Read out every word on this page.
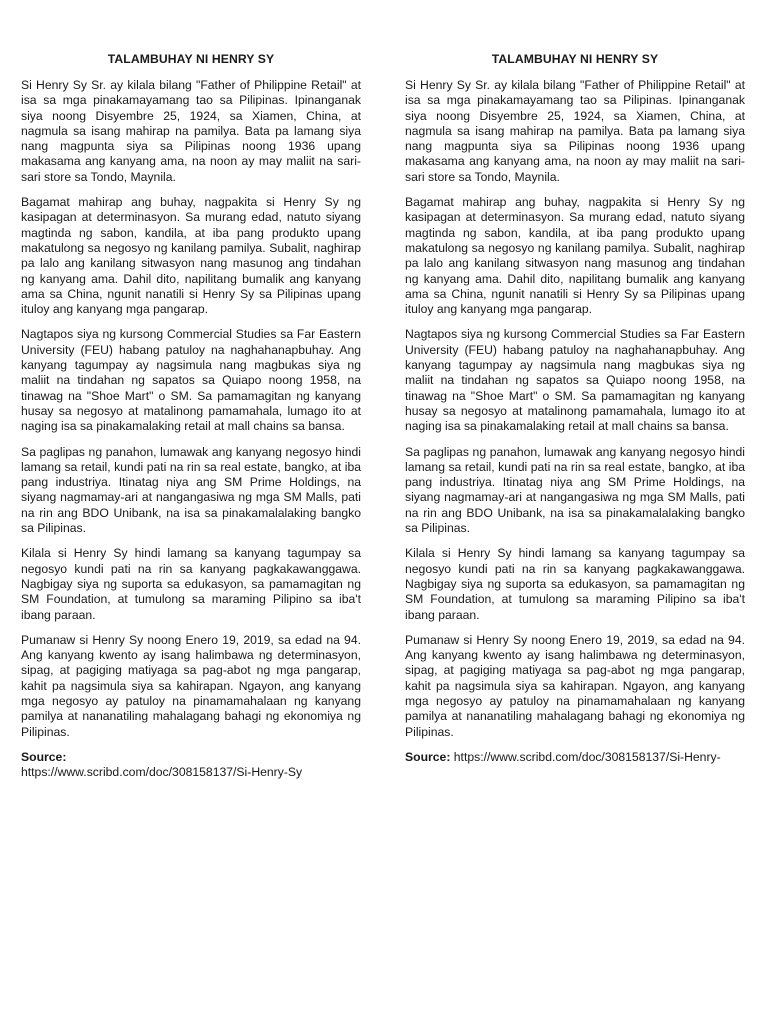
TALAMBUHAY NI HENRY SY

Si Henry Sy Sr. ay kilala bilang "Father of Philippine Retail" at isa sa mga pinakamayamang tao sa Pilipinas. Ipinanganak siya noong Disyembre 25, 1924, sa Xiamen, China, at nagmula sa isang mahirap na pamilya. Bata pa lamang siya nang magpunta siya sa Pilipinas noong 1936 upang makasama ang kanyang ama, na noon ay may maliit na sari-sari store sa Tondo, Maynila.

Bagamat mahirap ang buhay, nagpakita si Henry Sy ng kasipagan at determinasyon. Sa murang edad, natuto siyang magtinda ng sabon, kandila, at iba pang produkto upang makatulong sa negosyo ng kanilang pamilya. Subalit, naghirap pa lalo ang kanilang sitwasyon nang masunog ang tindahan ng kanyang ama. Dahil dito, napilitang bumalik ang kanyang ama sa China, ngunit nanatili si Henry Sy sa Pilipinas upang ituloy ang kanyang mga pangarap.

Nagtapos siya ng kursong Commercial Studies sa Far Eastern University (FEU) habang patuloy na naghahanapbuhay. Ang kanyang tagumpay ay nagsimula nang magbukas siya ng maliit na tindahan ng sapatos sa Quiapo noong 1958, na tinawag na "Shoe Mart" o SM. Sa pamamagitan ng kanyang husay sa negosyo at matalinong pamamahala, lumago ito at naging isa sa pinakamalaking retail at mall chains sa bansa.

Sa paglipas ng panahon, lumawak ang kanyang negosyo hindi lamang sa retail, kundi pati na rin sa real estate, bangko, at iba pang industriya. Itinatag niya ang SM Prime Holdings, na siyang nagmamay-ari at nangangasiwa ng mga SM Malls, pati na rin ang BDO Unibank, na isa sa pinakamalalaking bangko sa Pilipinas.

Kilala si Henry Sy hindi lamang sa kanyang tagumpay sa negosyo kundi pati na rin sa kanyang pagkakawanggawa. Nagbigay siya ng suporta sa edukasyon, sa pamamagitan ng SM Foundation, at tumulong sa maraming Pilipino sa iba't ibang paraan.

Pumanaw si Henry Sy noong Enero 19, 2019, sa edad na 94. Ang kanyang kwento ay isang halimbawa ng determinasyon, sipag, at pagiging matiyaga sa pag-abot ng mga pangarap, kahit pa nagsimula siya sa kahirapan. Ngayon, ang kanyang mga negosyo ay patuloy na pinamamahalaan ng kanyang pamilya at nananatiling mahalagang bahagi ng ekonomiya ng Pilipinas.

Source:
https://www.scribd.com/doc/308158137/Si-Henry-Sy

TALAMBUHAY NI HENRY SY

Si Henry Sy Sr. ay kilala bilang "Father of Philippine Retail" at isa sa mga pinakamayamang tao sa Pilipinas. Ipinanganak siya noong Disyembre 25, 1924, sa Xiamen, China, at nagmula sa isang mahirap na pamilya. Bata pa lamang siya nang magpunta siya sa Pilipinas noong 1936 upang makasama ang kanyang ama, na noon ay may maliit na sari-sari store sa Tondo, Maynila.

Bagamat mahirap ang buhay, nagpakita si Henry Sy ng kasipagan at determinasyon. Sa murang edad, natuto siyang magtinda ng sabon, kandila, at iba pang produkto upang makatulong sa negosyo ng kanilang pamilya. Subalit, naghirap pa lalo ang kanilang sitwasyon nang masunog ang tindahan ng kanyang ama. Dahil dito, napilitang bumalik ang kanyang ama sa China, ngunit nanatili si Henry Sy sa Pilipinas upang ituloy ang kanyang mga pangarap.

Nagtapos siya ng kursong Commercial Studies sa Far Eastern University (FEU) habang patuloy na naghahanapbuhay. Ang kanyang tagumpay ay nagsimula nang magbukas siya ng maliit na tindahan ng sapatos sa Quiapo noong 1958, na tinawag na "Shoe Mart" o SM. Sa pamamagitan ng kanyang husay sa negosyo at matalinong pamamahala, lumago ito at naging isa sa pinakamalaking retail at mall chains sa bansa.

Sa paglipas ng panahon, lumawak ang kanyang negosyo hindi lamang sa retail, kundi pati na rin sa real estate, bangko, at iba pang industriya. Itinatag niya ang SM Prime Holdings, na siyang nagmamay-ari at nangangasiwa ng mga SM Malls, pati na rin ang BDO Unibank, na isa sa pinakamalalaking bangko sa Pilipinas.

Kilala si Henry Sy hindi lamang sa kanyang tagumpay sa negosyo kundi pati na rin sa kanyang pagkakawanggawa. Nagbigay siya ng suporta sa edukasyon, sa pamamagitan ng SM Foundation, at tumulong sa maraming Pilipino sa iba't ibang paraan.

Pumanaw si Henry Sy noong Enero 19, 2019, sa edad na 94. Ang kanyang kwento ay isang halimbawa ng determinasyon, sipag, at pagiging matiyaga sa pag-abot ng mga pangarap, kahit pa nagsimula siya sa kahirapan. Ngayon, ang kanyang mga negosyo ay patuloy na pinamamahalaan ng kanyang pamilya at nananatiling mahalagang bahagi ng ekonomiya ng Pilipinas.

Source: https://www.scribd.com/doc/308158137/Si-Henry-
